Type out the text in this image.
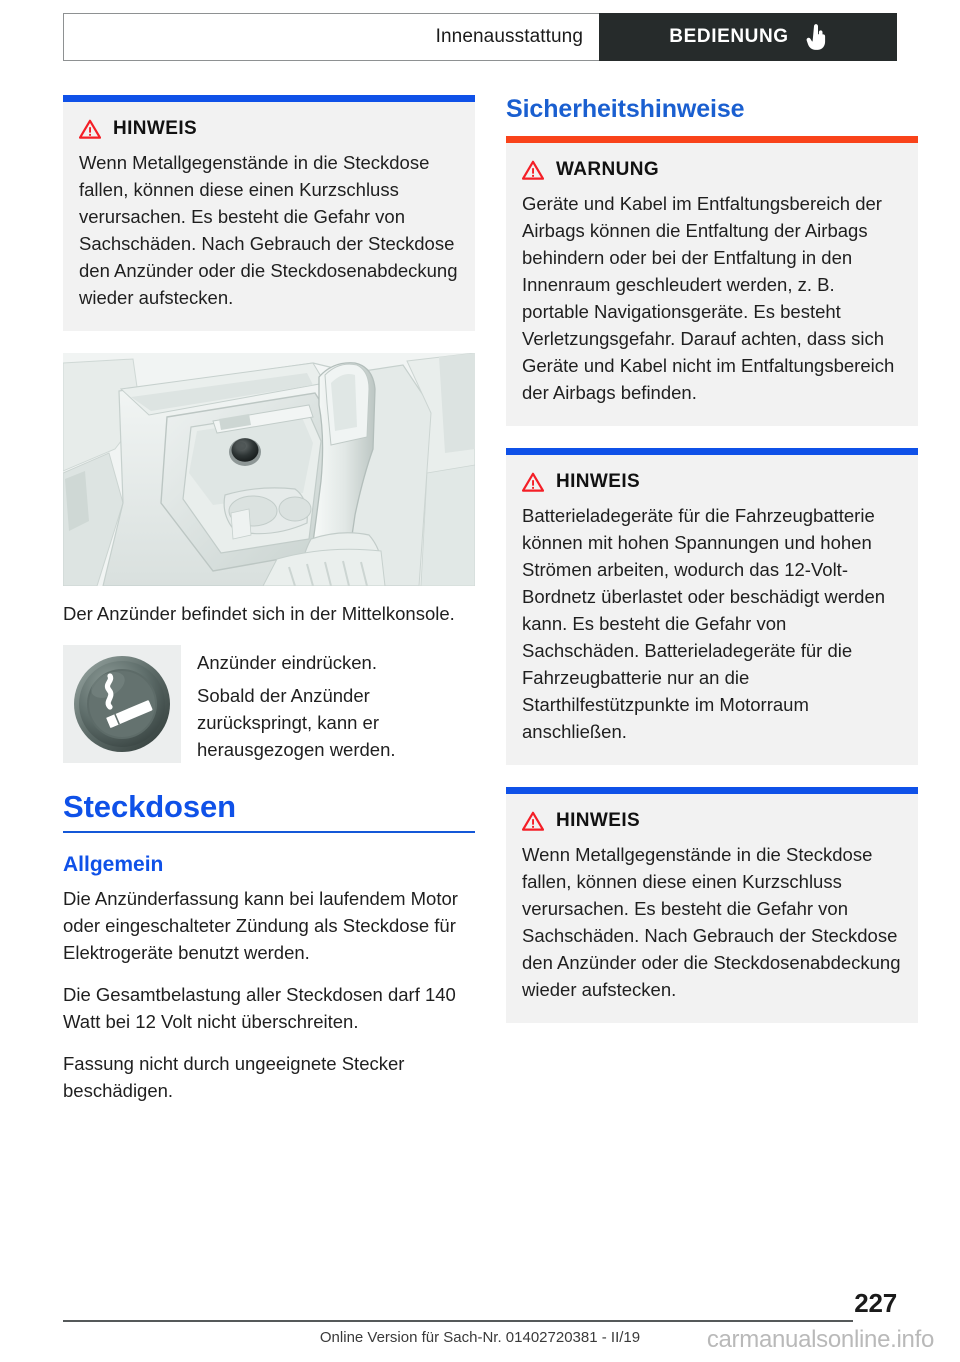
Innenausstattung	BEDIENUNG
HINWEIS
Wenn Metallgegenstände in die Steckdose fallen, können diese einen Kurzschluss verursachen. Es besteht die Gefahr von Sachschäden. Nach Gebrauch der Steckdose den Anzünder oder die Steckdosenabdeckung wieder aufstecken.
Der Anzünder befindet sich in der Mittelkonsole.

Anzünder eindrücken.

Sobald der Anzünder zurückspringt, kann er herausgezogen werden.

Steckdosen
Allgemein

Die Anzünderfassung kann bei laufendem Motor oder eingeschalteter Zündung als Steckdose für Elektrogeräte benutzt werden.

Die Gesamtbelastung aller Steckdosen darf 140 Watt bei 12 Volt nicht überschreiten.

Fassung nicht durch ungeeignete Stecker beschädigen.

Sicherheitshinweise
WARNUNG
Geräte und Kabel im Entfaltungsbereich der Airbags können die Entfaltung der Airbags behindern oder bei der Entfaltung in den Innenraum geschleudert werden, z. B. portable Navigationsgeräte. Es besteht Verletzungsgefahr. Darauf achten, dass sich Geräte und Kabel nicht im Entfaltungsbereich der Airbags befinden.
HINWEIS
Batterieladegeräte für die Fahrzeugbatterie können mit hohen Spannungen und hohen Strömen arbeiten, wodurch das 12-Volt-Bordnetz überlastet oder beschädigt werden kann. Es besteht die Gefahr von Sachschäden. Batterieladegeräte für die Fahrzeugbatterie nur an die Starthilfestützpunkte im Motorraum anschließen.
HINWEIS
Wenn Metallgegenstände in die Steckdose fallen, können diese einen Kurzschluss verursachen. Es besteht die Gefahr von Sachschäden. Nach Gebrauch der Steckdose den Anzünder oder die Steckdosenabdeckung wieder aufstecken.
227
Online Version für Sach-Nr. 01402720381 - II/19	carmanualsonline.info
